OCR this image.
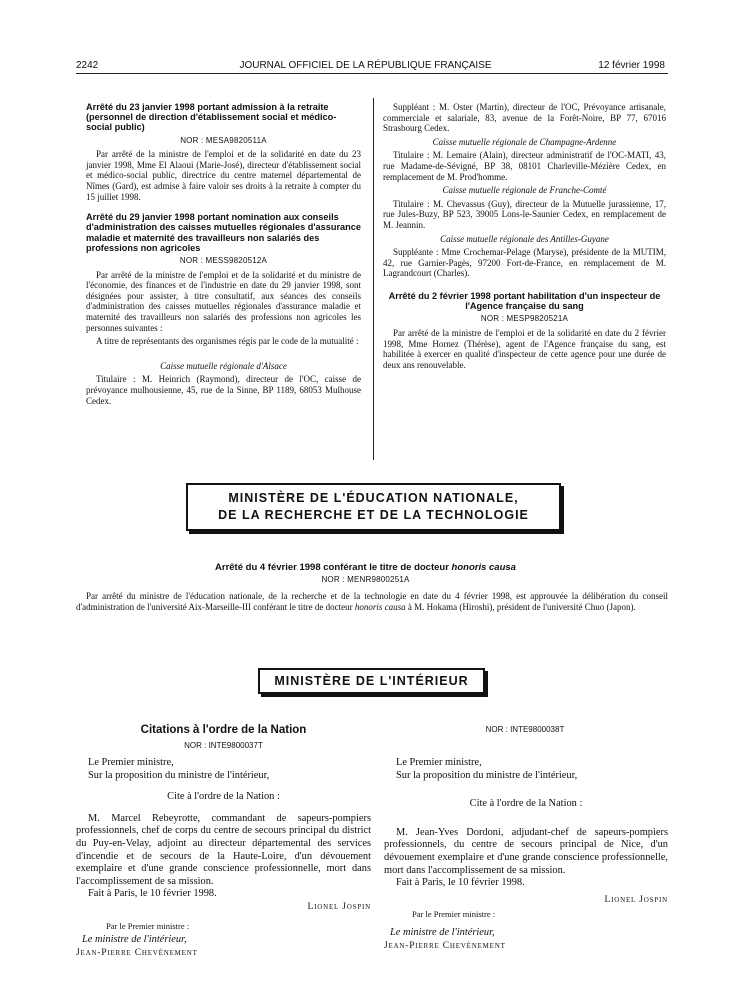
2242	JOURNAL OFFICIEL DE LA RÉPUBLIQUE FRANÇAISE	12 février 1998

Arrêté du 23 janvier 1998 portant admission à la retraite (personnel de direction d'établissement social et médico-social public)

NOR : MESA9820511A

Par arrêté de la ministre de l'emploi et de la solidarité en date du 23 janvier 1998, Mme El Alaoui (Marie-José), directeur d'établissement social et médico-social public, directrice du centre maternel départemental de Nîmes (Gard), est admise à faire valoir ses droits à la retraite à compter du 15 juillet 1998.

Arrêté du 29 janvier 1998 portant nomination aux conseils d'administration des caisses mutuelles régionales d'assurance maladie et maternité des travailleurs non salariés des professions non agricoles

NOR : MESS9820512A

Par arrêté de la ministre de l'emploi et de la solidarité et du ministre de l'économie, des finances et de l'industrie en date du 29 janvier 1998, sont désignées pour assister, à titre consultatif, aux séances des conseils d'administration des caisses mutuelles régionales d'assurance maladie et maternité des travailleurs non salariés des professions non agricoles les personnes suivantes :

A titre de représentants des organismes régis par le code de la mutualité :

Caisse mutuelle régionale d'Alsace

Titulaire : M. Heinrich (Raymond), directeur de l'OC, caisse de prévoyance mulhousienne, 45, rue de la Sinne, BP 1189, 68053 Mulhouse Cedex.

Suppléant : M. Oster (Martin), directeur de l'OC, Prévoyance artisanale, commerciale et salariale, 83, avenue de la Forêt-Noire, BP 77, 67016 Strasbourg Cedex.

Caisse mutuelle régionale de Champagne-Ardenne

Titulaire : M. Lemaire (Alain), directeur administratif de l'OC-MATI, 43, rue Madame-de-Sévigné, BP 38, 08101 Charleville-Mézière Cedex, en remplacement de M. Prod'homme.

Caisse mutuelle régionale de Franche-Comté

Titulaire : M. Chevassus (Guy), directeur de la Mutuelle jurassienne, 17, rue Jules-Buzy, BP 523, 39005 Lons-le-Saunier Cedex, en remplacement de M. Jeannin.

Caisse mutuelle régionale des Antilles-Guyane

Suppléante : Mme Crochemar-Pelage (Maryse), présidente de la MUTIM, 42, rue Garnier-Pagès, 97200 Fort-de-France, en remplacement de M. Lagrandcourt (Charles).

Arrêté du 2 février 1998 portant habilitation d'un inspecteur de l'Agence française du sang

NOR : MESP9820521A

Par arrêté de la ministre de l'emploi et de la solidarité en date du 2 février 1998, Mme Hornez (Thérèse), agent de l'Agence française du sang, est habilitée à exercer en qualité d'inspecteur de cette agence pour une durée de deux ans renouvelable.

MINISTÈRE DE L'ÉDUCATION NATIONALE,
DE LA RECHERCHE ET DE LA TECHNOLOGIE
Arrêté du 4 février 1998 conférant le titre de docteur honoris causa
NOR : MENR9800251A
Par arrêté du ministre de l'éducation nationale, de la recherche et de la technologie en date du 4 février 1998, est approuvée la délibération du conseil d'administration de l'université Aix-Marseille-III conférant le titre de docteur honoris causa à M. Hokama (Hiroshi), président de l'université Chuo (Japon).
MINISTÈRE DE L'INTÉRIEUR
Citations à l'ordre de la Nation
NOR : INTE9800037T

Le Premier ministre,

Sur la proposition du ministre de l'intérieur,

Cite à l'ordre de la Nation :

M. Marcel Rebeyrotte, commandant de sapeurs-pompiers professionnels, chef de corps du centre de secours principal du district du Puy-en-Velay, adjoint au directeur départemental des services d'incendie et de secours de la Haute-Loire, d'un dévouement exemplaire et d'une grande conscience professionnelle, mort dans l'accomplissement de sa mission.

Fait à Paris, le 10 février 1998.

Lionel Jospin

Par le Premier ministre :

Le ministre de l'intérieur,

Jean-Pierre Chevènement

NOR : INTE9800038T

Le Premier ministre,

Sur la proposition du ministre de l'intérieur,

Cite à l'ordre de la Nation :

M. Jean-Yves Dordoni, adjudant-chef de sapeurs-pompiers professionnels, du centre de secours principal de Nice, d'un dévouement exemplaire et d'une grande conscience professionnelle, mort dans l'accomplissement de sa mission.

Fait à Paris, le 10 février 1998.

Lionel Jospin

Par le Premier ministre :

Le ministre de l'intérieur,

Jean-Pierre Chevènement
